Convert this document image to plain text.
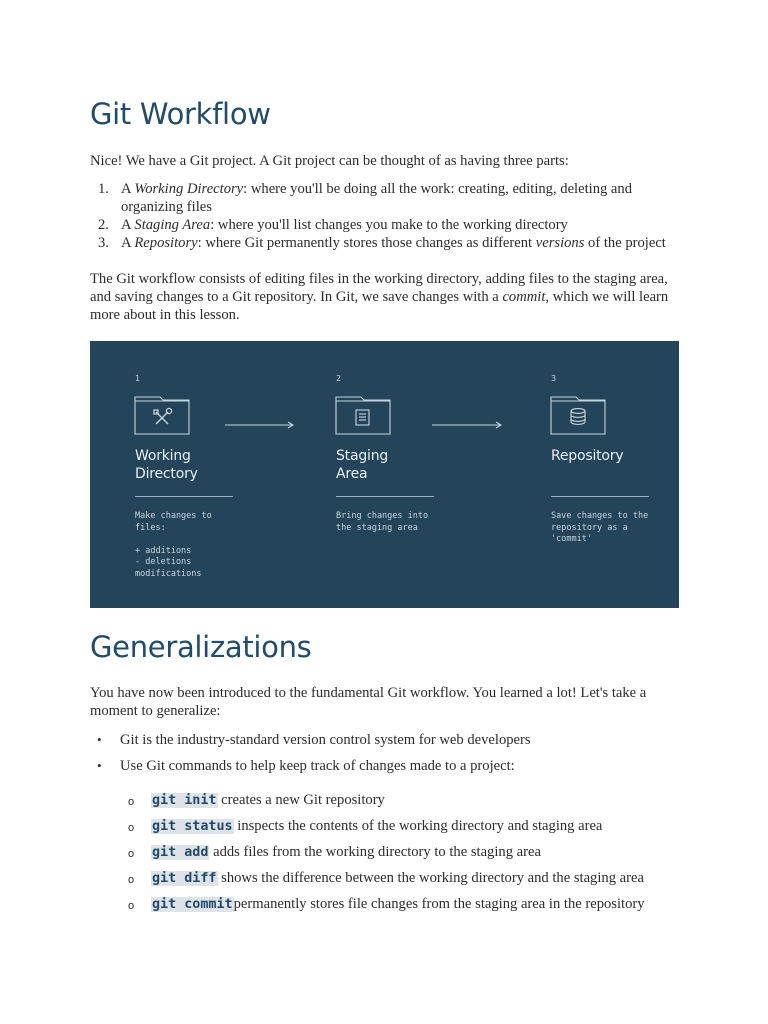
Git Workflow

Nice! We have a Git project. A Git project can be thought of as having three parts:

1. A Working Directory: where you'll be doing all the work: creating, editing, deleting and organizing files
2. A Staging Area: where you'll list changes you make to the working directory
3. A Repository: where Git permanently stores those changes as different versions of the project

The Git workflow consists of editing files in the working directory, adding files to the staging area, and saving changes to a Git repository. In Git, we save changes with a commit, which we will learn more about in this lesson.

1	2	3
Working
Directory
Staging
Area
Repository
Make changes to
files:

+ additions
- deletions
modifications
Bring changes into
the staging area
Save changes to the
repository as a
'commit'
Generalizations

You have now been introduced to the fundamental Git workflow. You learned a lot! Let's take a moment to generalize:

• Git is the industry-standard version control system for web developers
• Use Git commands to help keep track of changes made to a project:
o git init creates a new Git repository
o git status inspects the contents of the working directory and staging area
o git add adds files from the working directory to the staging area
o git diff shows the difference between the working directory and the staging area
o git commitpermanently stores file changes from the staging area in the repository
